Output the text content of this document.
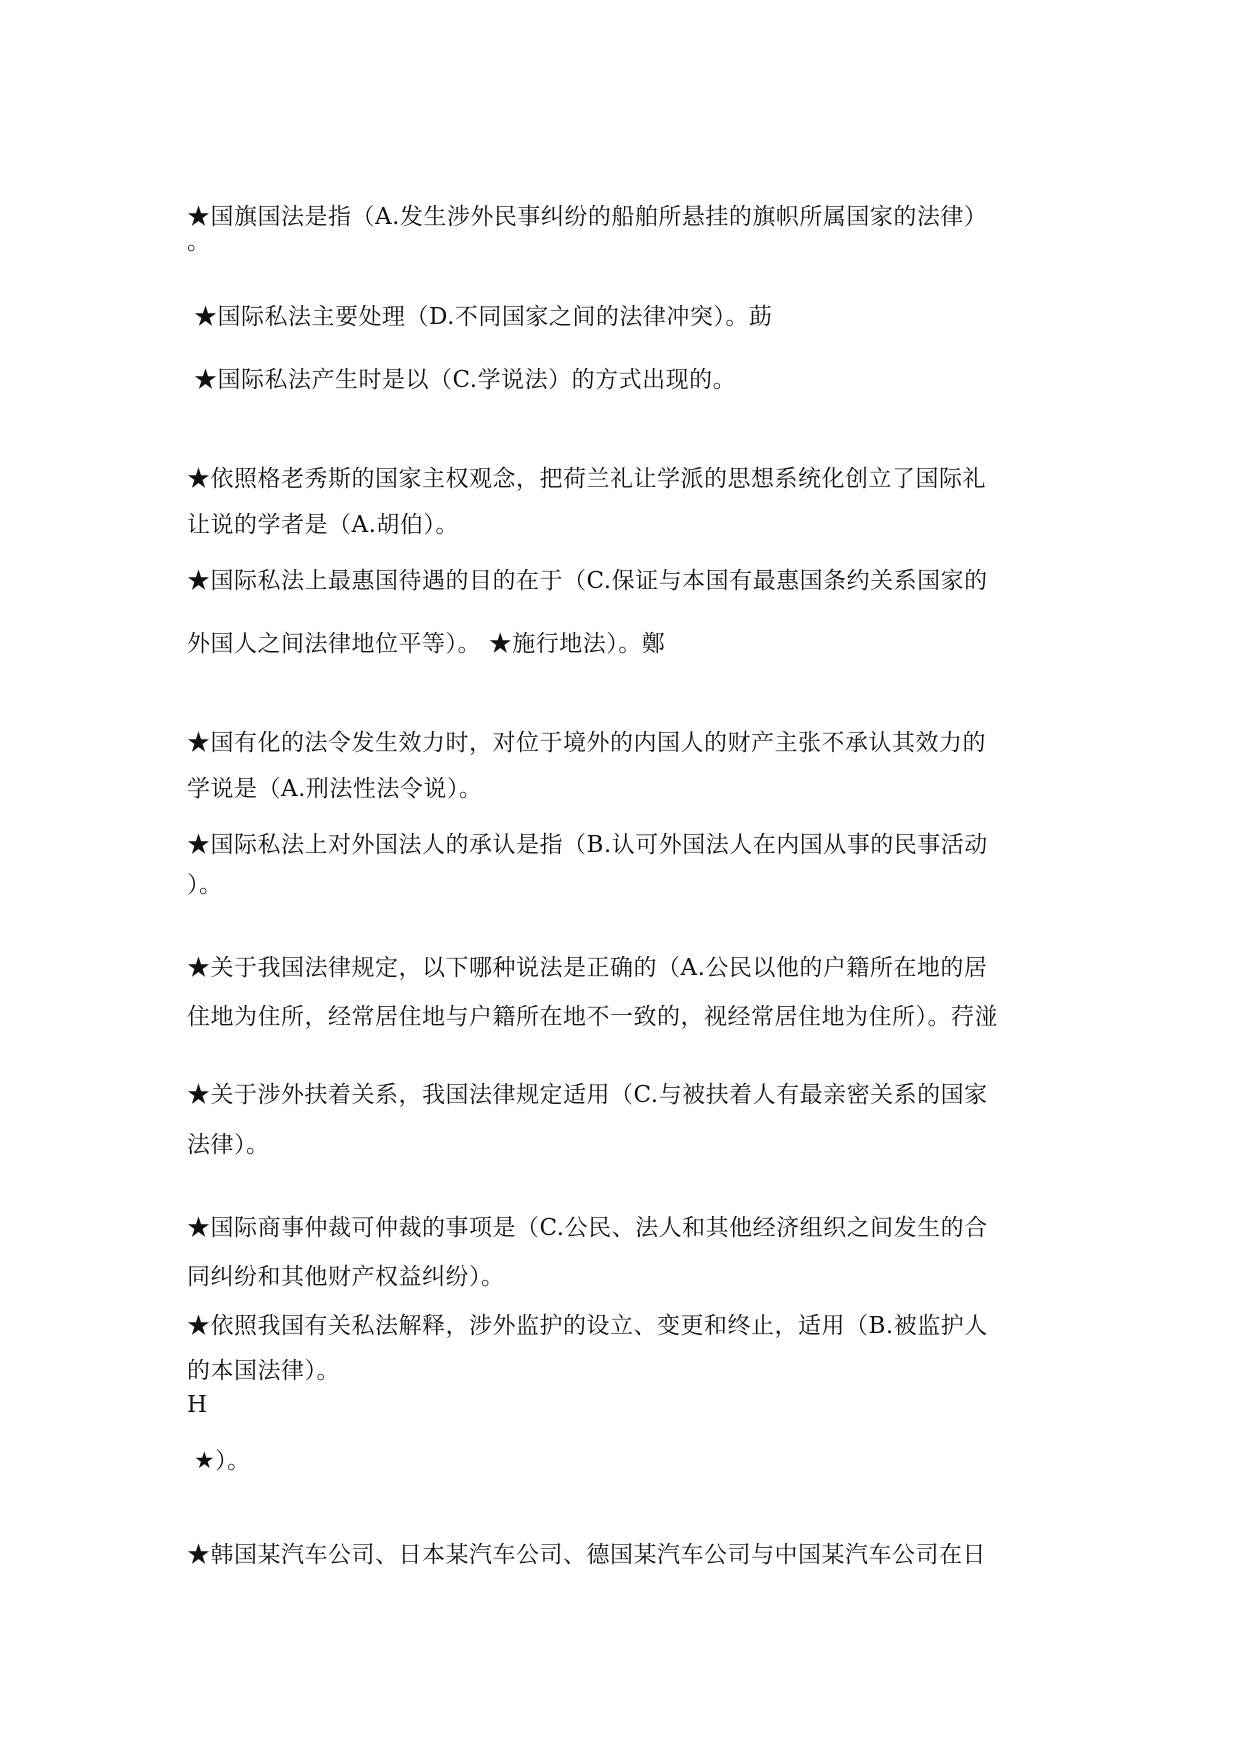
★国旗国法是指（A.发生涉外民事纠纷的船舶所悬挂的旗帜所属国家的法律）
。
★国际私法主要处理（D.不同国家之间的法律冲突）。莇
★国际私法产生时是以（C.学说法）的方式出现的。
★依照格老秀斯的国家主权观念，把荷兰礼让学派的思想系统化创立了国际礼
让说的学者是（A.胡伯）。
★国际私法上最惠国待遇的目的在于（C.保证与本国有最惠国条约关系国家的
外国人之间法律地位平等）。 ★施行地法）。鄭
★国有化的法令发生效力时，对位于境外的内国人的财产主张不承认其效力的
学说是（A.刑法性法令说）。
★国际私法上对外国法人的承认是指（B.认可外国法人在内国从事的民事活动
）。
★关于我国法律规定，以下哪种说法是正确的（A.公民以他的户籍所在地的居
住地为住所，经常居住地与户籍所在地不一致的，视经常居住地为住所）。荇湴
★关于涉外扶着关系，我国法律规定适用（C.与被扶着人有最亲密关系的国家
法律）。
★国际商事仲裁可仲裁的事项是（C.公民、法人和其他经济组织之间发生的合
同纠纷和其他财产权益纠纷）。
★依照我国有关私法解释，涉外监护的设立、变更和终止，适用（B.被监护人
的本国法律）。
H
★）。
★韩国某汽车公司、日本某汽车公司、德国某汽车公司与中国某汽车公司在日
